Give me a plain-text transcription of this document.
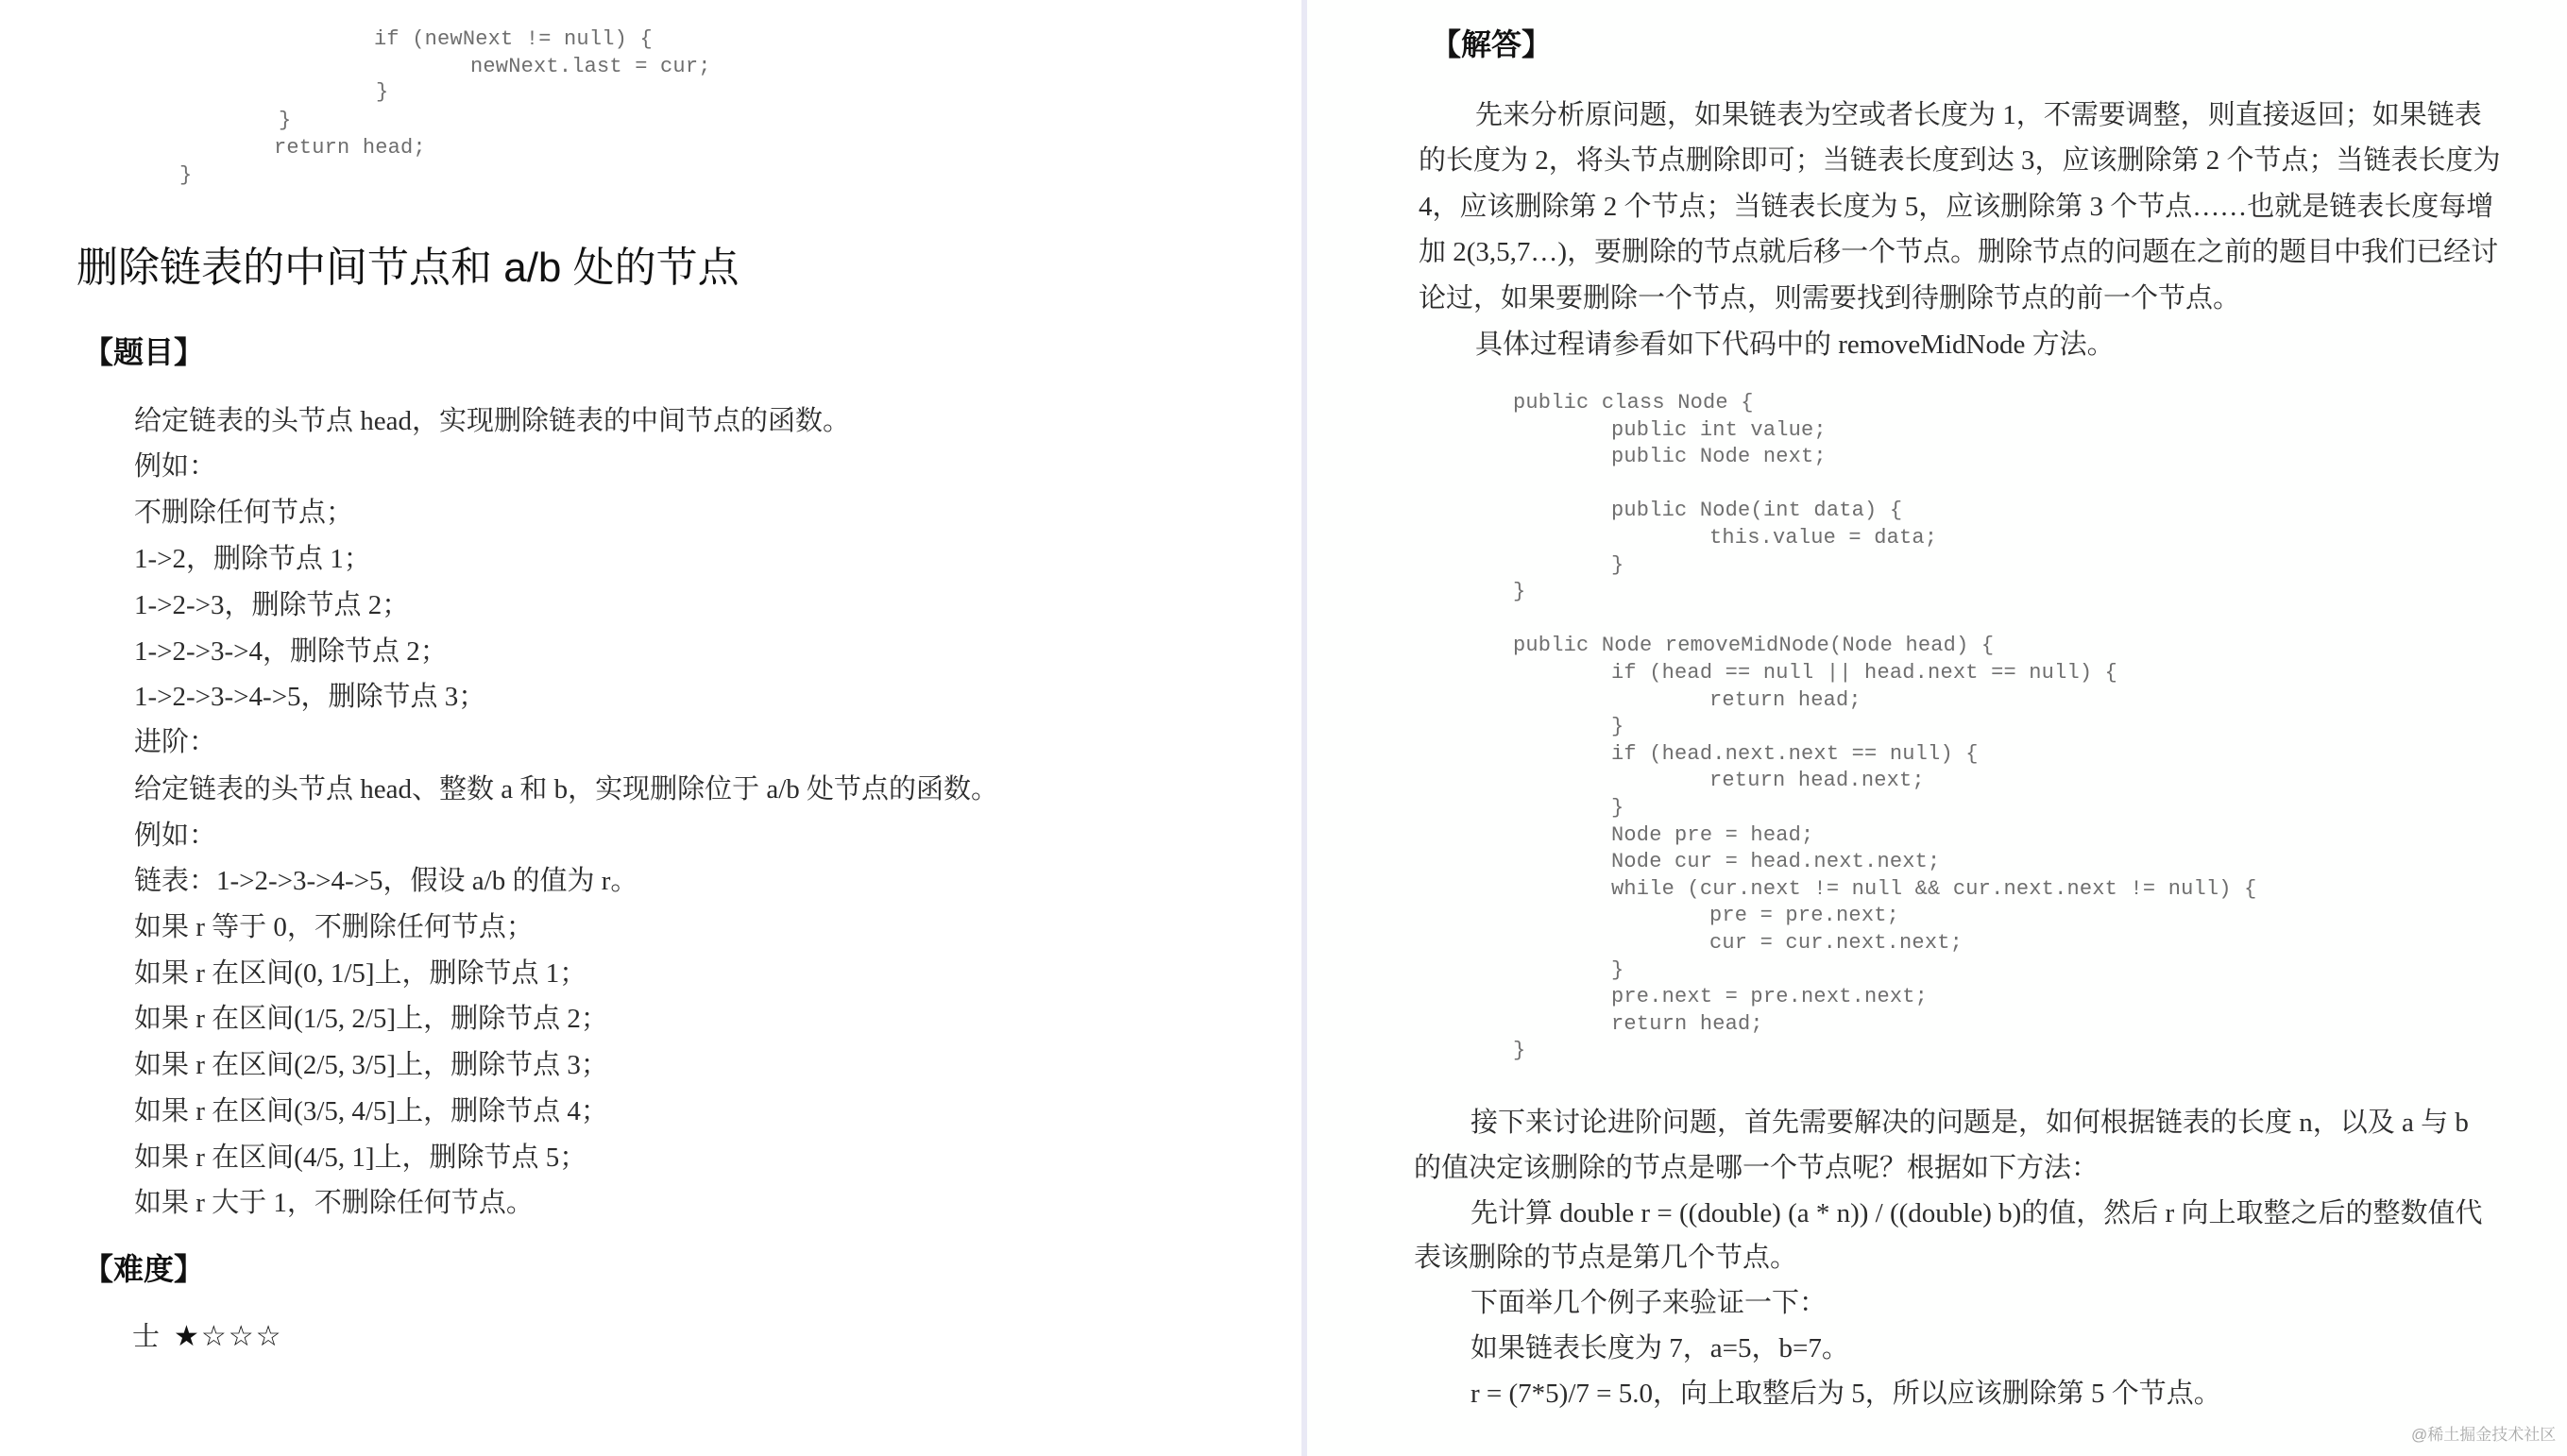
if (newNext != null) {
newNext.last = cur;
}
}
return head;
}
删除链表的中间节点和 a/b 处的节点
【题目】
给定链表的头节点 head，实现删除链表的中间节点的函数。
例如：
不删除任何节点；
1->2，删除节点 1；
1->2->3，删除节点 2；
1->2->3->4，删除节点 2；
1->2->3->4->5，删除节点 3；
进阶：
给定链表的头节点 head、整数 a 和 b，实现删除位于 a/b 处节点的函数。
例如：
链表：1->2->3->4->5，假设 a/b 的值为 r。
如果 r 等于 0，不删除任何节点；
如果 r 在区间(0, 1/5]上，删除节点 1；
如果 r 在区间(1/5, 2/5]上，删除节点 2；
如果 r 在区间(2/5, 3/5]上，删除节点 3；
如果 r 在区间(3/5, 4/5]上，删除节点 4；
如果 r 在区间(4/5, 1]上，删除节点 5；
如果 r 大于 1，不删除任何节点。
【难度】
士 ★☆☆☆
【解答】
先来分析原问题，如果链表为空或者长度为 1，不需要调整，则直接返回；如果链表
的长度为 2，将头节点删除即可；当链表长度到达 3，应该删除第 2 个节点；当链表长度为
4，应该删除第 2 个节点；当链表长度为 5，应该删除第 3 个节点……也就是链表长度每增
加 2(3,5,7…)，要删除的节点就后移一个节点。删除节点的问题在之前的题目中我们已经讨
论过，如果要删除一个节点，则需要找到待删除节点的前一个节点。
具体过程请参看如下代码中的 removeMidNode 方法。
public class Node {
public int value;
public Node next;
public Node(int data) {
this.value = data;
}
}
public Node removeMidNode(Node head) {
if (head == null || head.next == null) {
return head;
}
if (head.next.next == null) {
return head.next;
}
Node pre = head;
Node cur = head.next.next;
while (cur.next != null && cur.next.next != null) {
pre = pre.next;
cur = cur.next.next;
}
pre.next = pre.next.next;
return head;
}
接下来讨论进阶问题，首先需要解决的问题是，如何根据链表的长度 n，以及 a 与 b
的值决定该删除的节点是哪一个节点呢？根据如下方法：
先计算 double r = ((double) (a * n)) / ((double) b)的值，然后 r 向上取整之后的整数值代
表该删除的节点是第几个节点。
下面举几个例子来验证一下：
如果链表长度为 7，a=5，b=7。
r = (7*5)/7 = 5.0，向上取整后为 5，所以应该删除第 5 个节点。
@稀土掘金技术社区
